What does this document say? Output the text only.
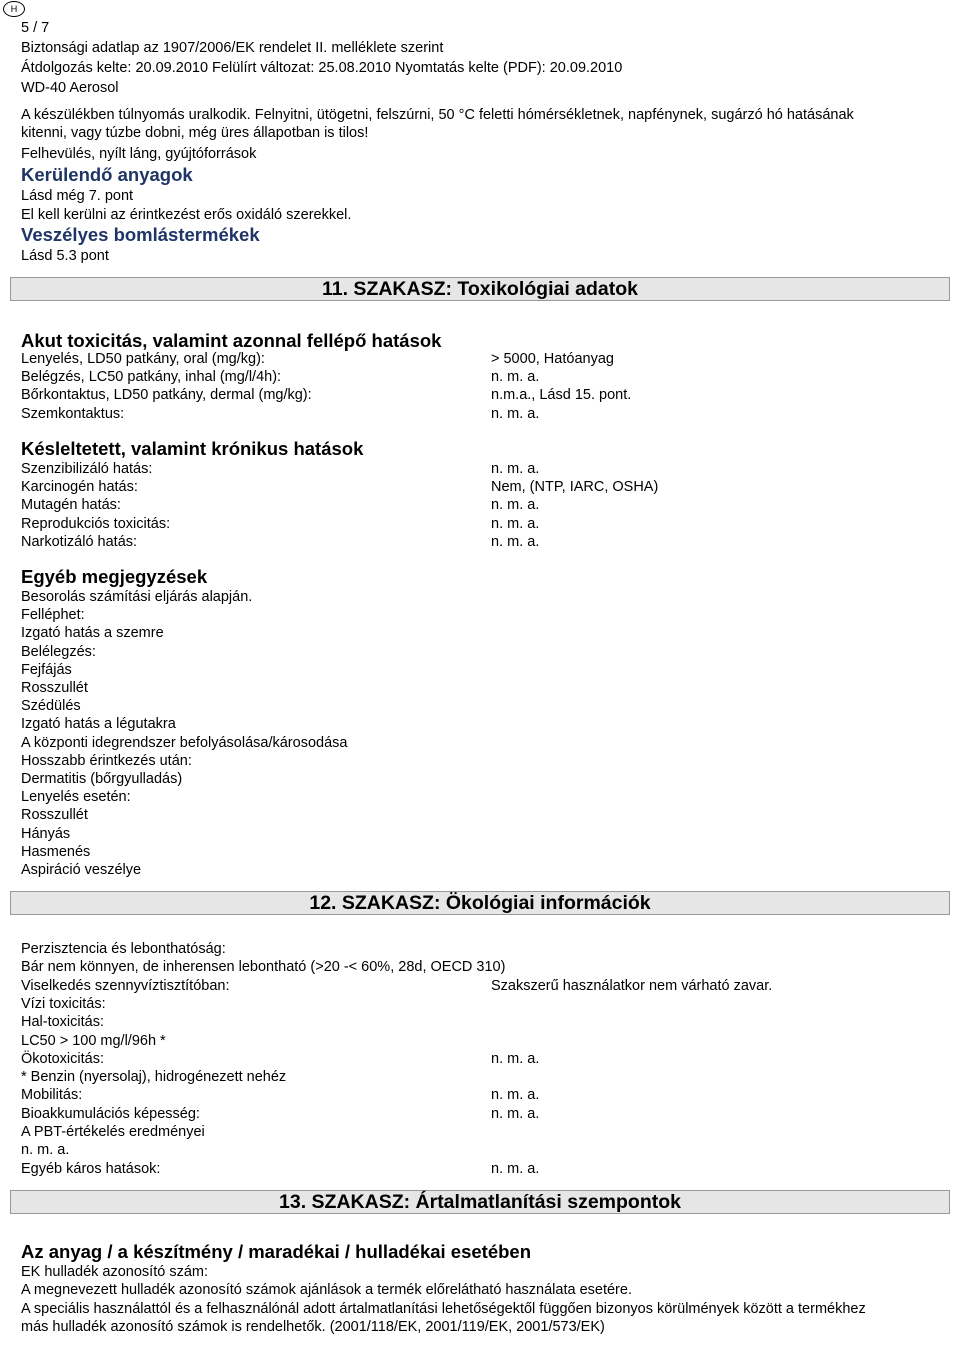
H
5 / 7
Biztonsági adatlap az 1907/2006/EK rendelet II. melléklete szerint
Átdolgozás kelte: 20.09.2010 Felülírt változat: 25.08.2010 Nyomtatás kelte (PDF): 20.09.2010
WD-40 Aerosol
A készülékben túlnyomás uralkodik. Felnyitni, ütögetni, felszúrni, 50 °C feletti hómérsékletnek, napfénynek, sugárzó hó hatásának
kitenni, vagy túzbe dobni, még üres állapotban is tilos!
Felhevülés, nyílt láng, gyújtóforrások
Kerülendő anyagok
Lásd még 7. pont
El kell kerülni az érintkezést erős oxidáló szerekkel.
Veszélyes bomlástermékek
Lásd 5.3 pont
11. SZAKASZ: Toxikológiai adatok
Akut toxicitás, valamint azonnal fellépő hatások
Lenyelés, LD50 patkány, oral (mg/kg):	> 5000, Hatóanyag
Belégzés, LC50 patkány, inhal (mg/l/4h):	n. m. a.
Bőrkontaktus, LD50 patkány, dermal (mg/kg):	n.m.a., Lásd 15. pont.
Szemkontaktus:	n. m. a.
Késleltetett, valamint krónikus hatások
Szenzibilizáló hatás:	n. m. a.
Karcinogén hatás:	Nem, (NTP, IARC, OSHA)
Mutagén hatás:	n. m. a.
Reprodukciós toxicitás:	n. m. a.
Narkotizáló hatás:	n. m. a.
Egyéb megjegyzések
Besorolás számítási eljárás alapján.
Felléphet:
Izgató hatás a szemre
Belélegzés:
Fejfájás
Rosszullét
Szédülés
Izgató hatás a légutakra
A központi idegrendszer befolyásolása/károsodása
Hosszabb érintkezés után:
Dermatitis (bőrgyulladás)
Lenyelés esetén:
Rosszullét
Hányás
Hasmenés
Aspiráció veszélye
12. SZAKASZ: Ökológiai információk
Perzisztencia és lebonthatóság:
Bár nem könnyen, de inherensen lebontható (>20 -< 60%, 28d, OECD 310)
Viselkedés szennyvíztisztítóban:	Szakszerű használatkor nem várható zavar.
Vízi toxicitás:
Hal-toxicitás:
LC50 > 100 mg/l/96h *
Ökotoxicitás:	n. m. a.
* Benzin (nyersolaj), hidrogénezett nehéz
Mobilitás:	n. m. a.
Bioakkumulációs képesség:	n. m. a.
A PBT-értékelés eredményei
n. m. a.
Egyéb káros hatások:	n. m. a.
13. SZAKASZ: Ártalmatlanítási szempontok
Az anyag / a készítmény / maradékai / hulladékai esetében
EK hulladék azonosító szám:
A megnevezett hulladék azonosító számok ajánlások a termék előrelátható használata esetére.
A speciális használattól és a felhasználónál adott ártalmatlanítási lehetőségektől függően bizonyos körülmények között a termékhez
más hulladék azonosító számok is rendelhetők. (2001/118/EK, 2001/119/EK, 2001/573/EK)
